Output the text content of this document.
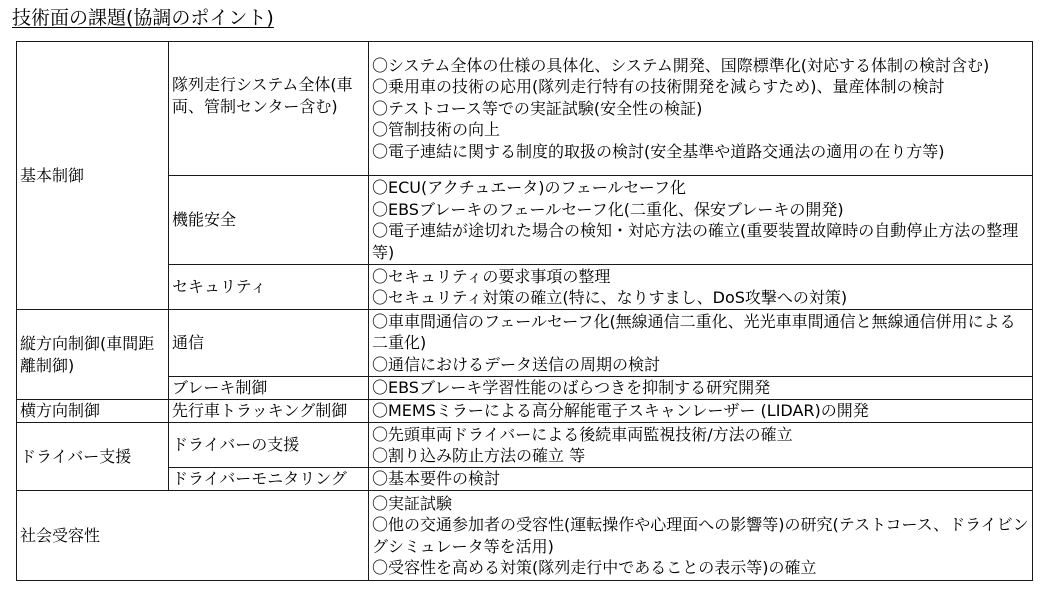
技術面の課題(協調のポイント)
基本制御	隊列走行システム全体(車両、管制センター含む)	〇システム全体の仕様の具体化、システム開発、国際標準化(対応する体制の検討含む)
〇乗用車の技術の応用(隊列走行特有の技術開発を減らすため)、量産体制の検討
〇テストコース等での実証試験(安全性の検証)
〇管制技術の向上
〇電子連結に関する制度的取扱の検討(安全基準や道路交通法の適用の在り方等)

	機能安全	〇ECU(アクチュエータ)のフェールセーフ化
〇EBSブレーキのフェールセーフ化(二重化、保安ブレーキの開発)
〇電子連結が途切れた場合の検知・対応方法の確立(重要装置故障時の自動停止方法の整理等)

	セキュリティ	〇セキュリティの要求事項の整理
〇セキュリティ対策の確立(特に、なりすまし、DoS攻撃への対策)

縦方向制御(車間距離制御)	通信	〇車車間通信のフェールセーフ化(無線通信二重化、光光車車間通信と無線通信併用による二重化)
〇通信におけるデータ送信の周期の検討

	ブレーキ制御	〇EBSブレーキ学習性能のばらつきを抑制する研究開発

横方向制御	先行車トラッキング制御	〇MEMSミラーによる高分解能電子スキャンレーザー (LIDAR)の開発

ドライバー支援	ドライバーの支援	〇先頭車両ドライバーによる後続車両監視技術/方法の確立
〇割り込み防止方法の確立 等

	ドライバーモニタリング	〇基本要件の検討

社会受容性		〇実証試験
〇他の交通参加者の受容性(運転操作や心理面への影響等)の研究(テストコース、ドライビングシミュレータ等を活用)
〇受容性を高める対策(隊列走行中であることの表示等)の確立
